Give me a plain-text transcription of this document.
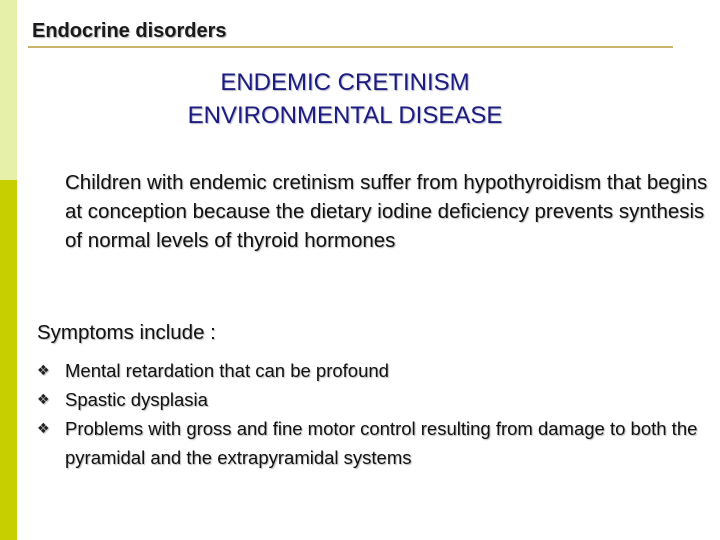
Endocrine disorders
ENDEMIC CRETINISM
ENVIRONMENTAL DISEASE
Children with endemic cretinism suffer from hypothyroidism that begins at conception because the dietary iodine deficiency prevents synthesis of normal levels of thyroid hormones
Symptoms include :
❖ Mental retardation that can be profound
❖ Spastic dysplasia
❖ Problems with gross and fine motor control resulting from damage to both the pyramidal and the extrapyramidal systems
